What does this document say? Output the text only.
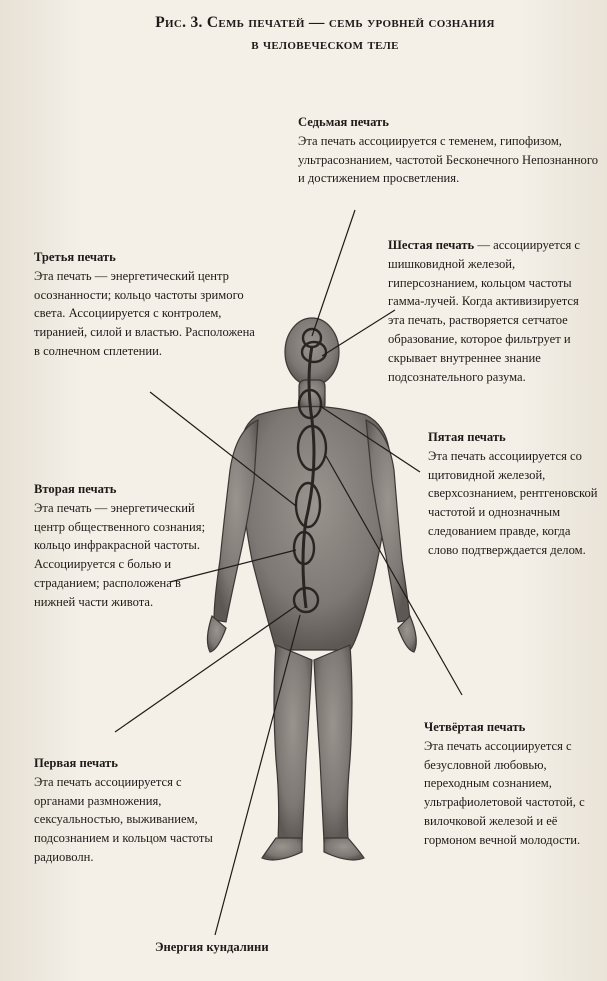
Рис. 3. Семь печатей — семь уровней сознания
в человеческом теле
Седьмая печать
Эта печать ассоциируется с теменем, гипофизом, ультрасознанием, частотой Бесконечного Непознанного и достижением просветления.
Шестая печать — ассоциируется с шишковидной железой, гиперсознанием, кольцом частоты гамма-лучей. Когда активизируется эта печать, растворяется сетчатое образование, которое фильтрует и скрывает внутреннее знание подсознательного разума.
Третья печать
Эта печать — энергетический центр осознанности; кольцо частоты зримого света. Ассоциируется с контролем, тиранией, силой и властью. Расположена в солнечном сплетении.
Пятая печать
Эта печать ассоциируется со щитовидной железой, сверхсознанием, рентгеновской частотой и однозначным следованием правде, когда слово подтверждается делом.
Вторая печать
Эта печать — энергетический центр общественного сознания; кольцо инфракрасной частоты. Ассоциируется с болью и страданием; расположена в нижней части живота.
Четвёртая печать
Эта печать ассоциируется с безусловной любовью, переходным сознанием, ультрафиолетовой частотой, с вилочковой железой и её гормоном вечной молодости.
Первая печать
Эта печать ассоциируется с органами размножения, сексуальностью, выживанием, подсознанием и кольцом частоты радиоволн.
Энергия кундалини
